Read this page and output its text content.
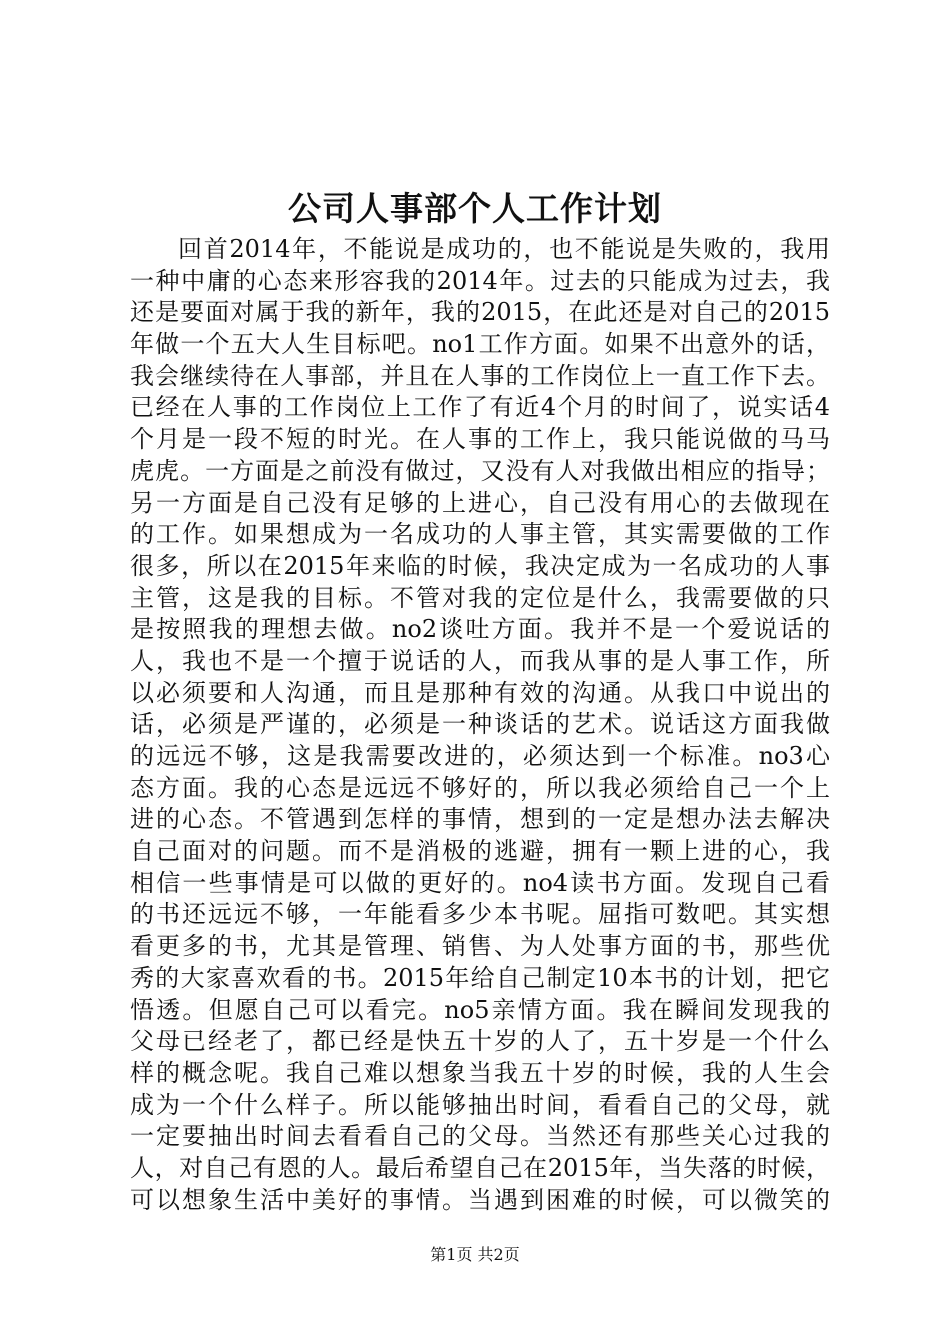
公司人事部个人工作计划
回首2014年，不能说是成功的，也不能说是失败的，我用
一种中庸的心态来形容我的2014年。过去的只能成为过去，我
还是要面对属于我的新年，我的2015，在此还是对自己的2015
年做一个五大人生目标吧。no1工作方面。如果不出意外的话，
我会继续待在人事部，并且在人事的工作岗位上一直工作下去。
已经在人事的工作岗位上工作了有近4个月的时间了，说实话4
个月是一段不短的时光。在人事的工作上，我只能说做的马马
虎虎。一方面是之前没有做过，又没有人对我做出相应的指导；
另一方面是自己没有足够的上进心，自己没有用心的去做现在
的工作。如果想成为一名成功的人事主管，其实需要做的工作
很多，所以在2015年来临的时候，我决定成为一名成功的人事
主管，这是我的目标。不管对我的定位是什么，我需要做的只
是按照我的理想去做。no2谈吐方面。我并不是一个爱说话的
人，我也不是一个擅于说话的人，而我从事的是人事工作，所
以必须要和人沟通，而且是那种有效的沟通。从我口中说出的
话，必须是严谨的，必须是一种谈话的艺术。说话这方面我做
的远远不够，这是我需要改进的，必须达到一个标准。no3心
态方面。我的心态是远远不够好的，所以我必须给自己一个上
进的心态。不管遇到怎样的事情，想到的一定是想办法去解决
自己面对的问题。而不是消极的逃避，拥有一颗上进的心，我
相信一些事情是可以做的更好的。no4读书方面。发现自己看
的书还远远不够，一年能看多少本书呢。屈指可数吧。其实想
看更多的书，尤其是管理、销售、为人处事方面的书，那些优
秀的大家喜欢看的书。2015年给自己制定10本书的计划，把它
悟透。但愿自己可以看完。no5亲情方面。我在瞬间发现我的
父母已经老了，都已经是快五十岁的人了，五十岁是一个什么
样的概念呢。我自己难以想象当我五十岁的时候，我的人生会
成为一个什么样子。所以能够抽出时间，看看自己的父母，就
一定要抽出时间去看看自己的父母。当然还有那些关心过我的
人，对自己有恩的人。最后希望自己在2015年，当失落的时候，
可以想象生活中美好的事情。当遇到困难的时候，可以微笑的
第1页 共2页
